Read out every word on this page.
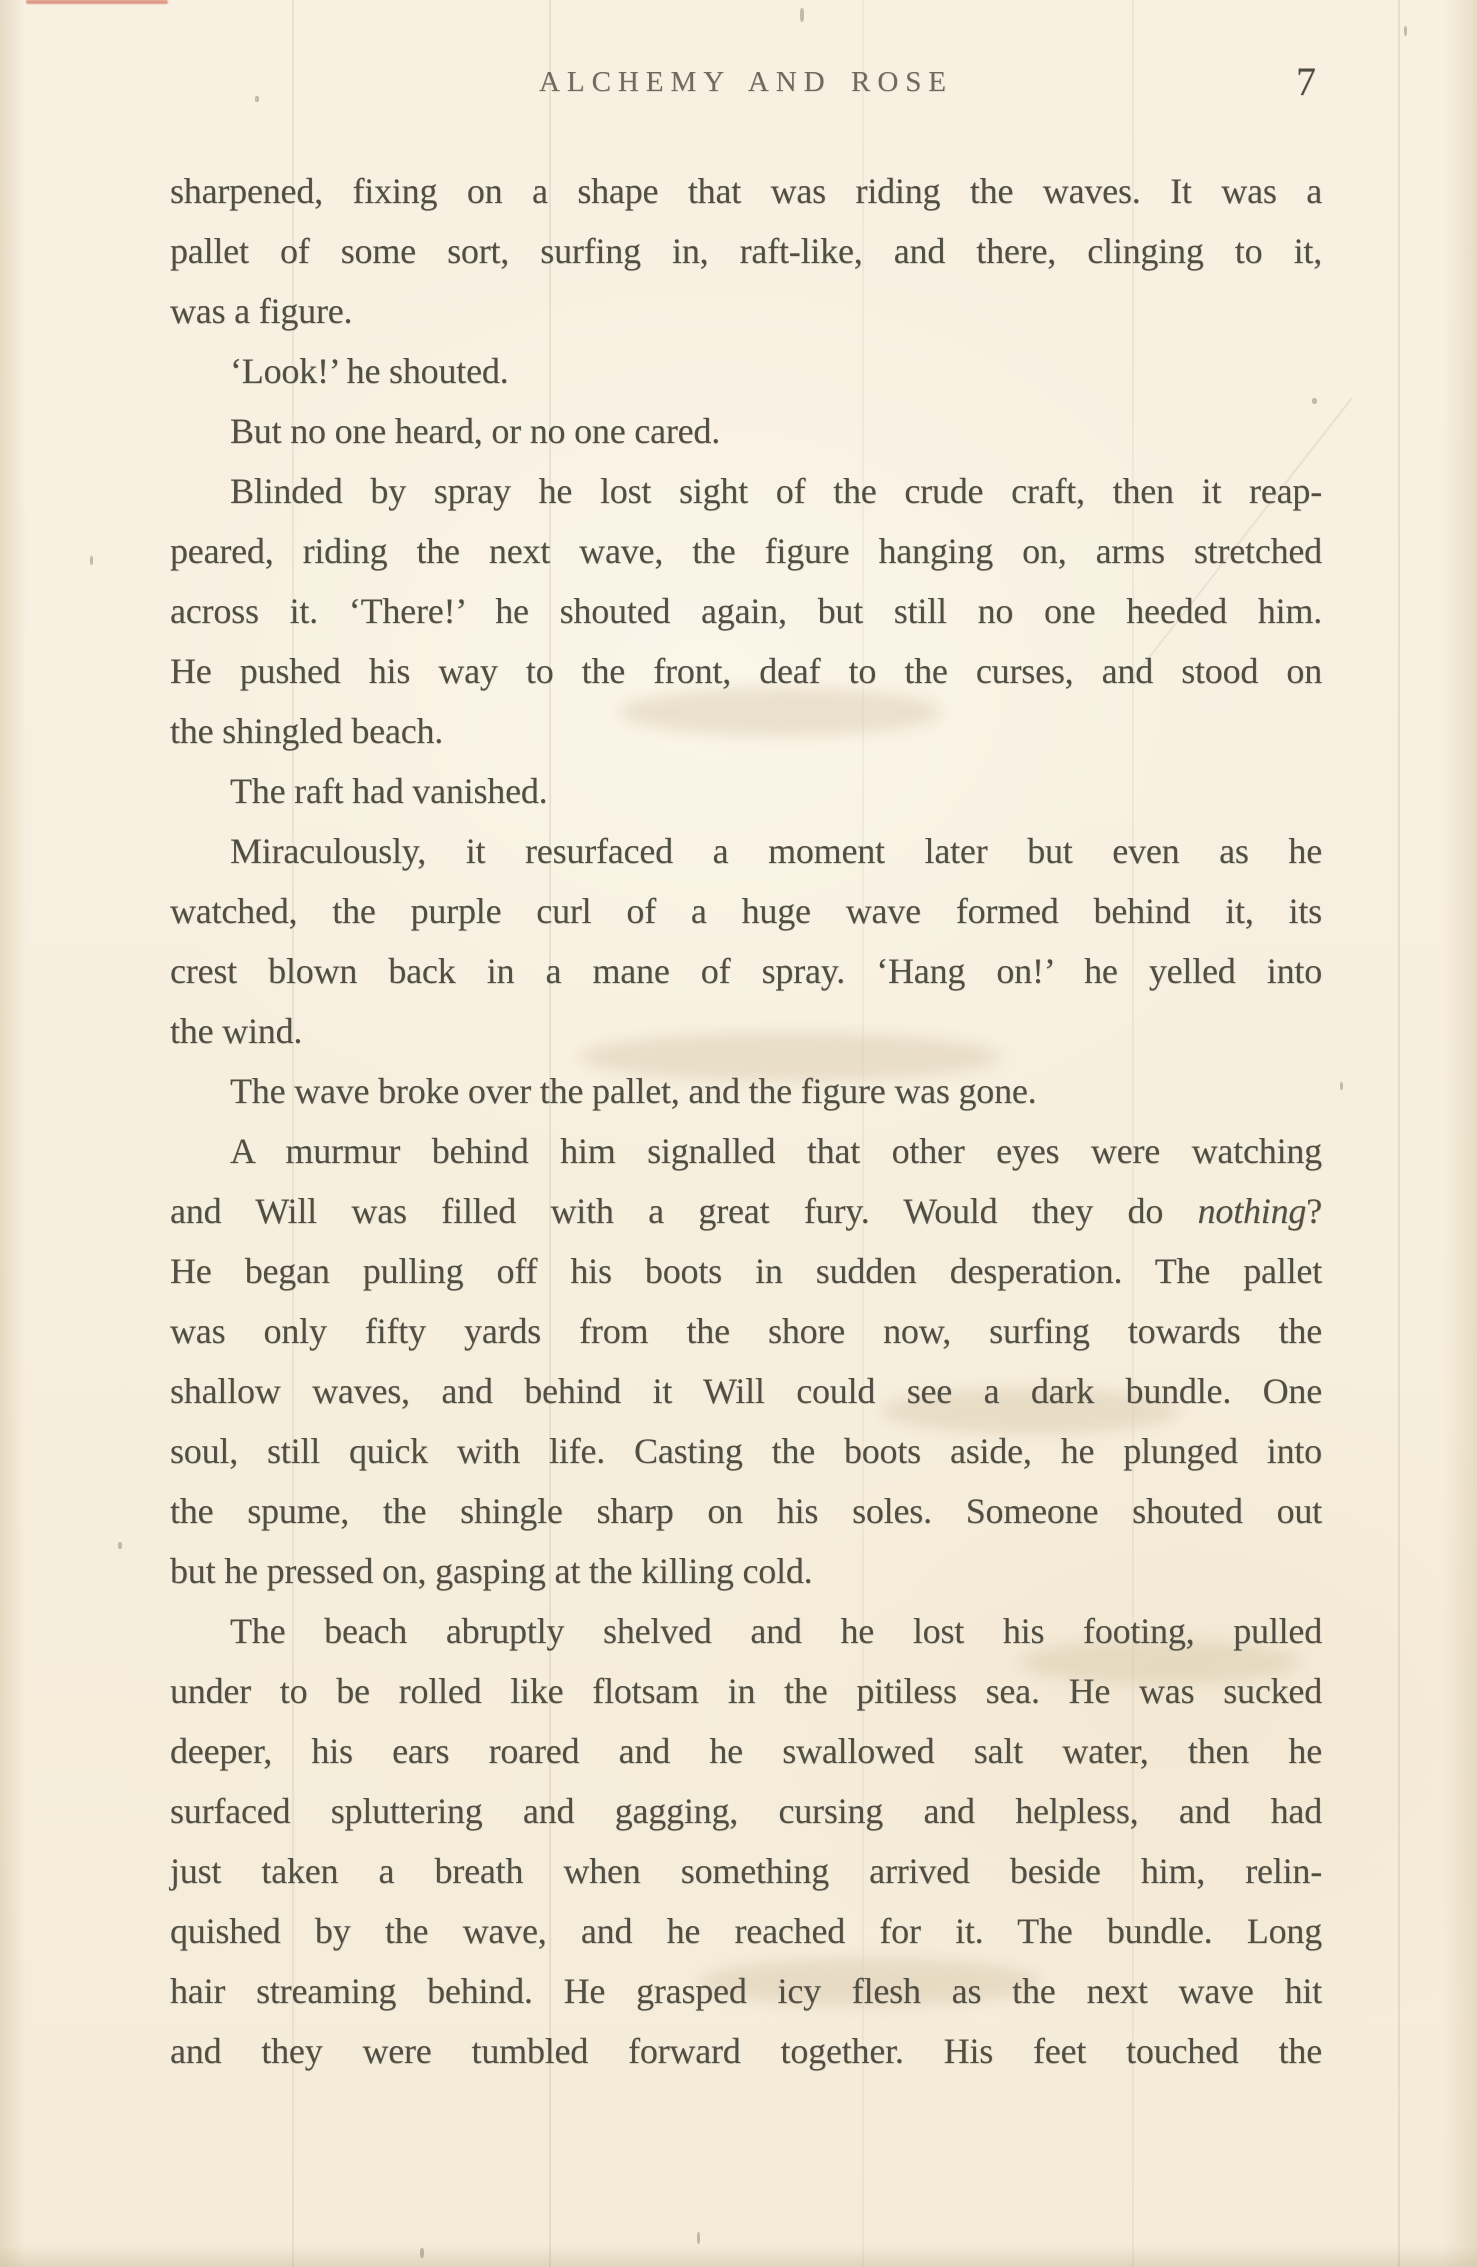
ALCHEMY AND ROSE	7
sharpened, fixing on a shape that was riding the waves. It was a
pallet of some sort, surfing in, raft-like, and there, clinging to it,
was a figure.
‘Look!’ he shouted.
But no one heard, or no one cared.
Blinded by spray he lost sight of the crude craft, then it reap-
peared, riding the next wave, the figure hanging on, arms stretched
across it. ‘There!’ he shouted again, but still no one heeded him.
He pushed his way to the front, deaf to the curses, and stood on
the shingled beach.
The raft had vanished.
Miraculously, it resurfaced a moment later but even as he
watched, the purple curl of a huge wave formed behind it, its
crest blown back in a mane of spray. ‘Hang on!’ he yelled into
the wind.
The wave broke over the pallet, and the figure was gone.
A murmur behind him signalled that other eyes were watching
and Will was filled with a great fury. Would they do nothing?
He began pulling off his boots in sudden desperation. The pallet
was only fifty yards from the shore now, surfing towards the
shallow waves, and behind it Will could see a dark bundle. One
soul, still quick with life. Casting the boots aside, he plunged into
the spume, the shingle sharp on his soles. Someone shouted out
but he pressed on, gasping at the killing cold.
The beach abruptly shelved and he lost his footing, pulled
under to be rolled like flotsam in the pitiless sea. He was sucked
deeper, his ears roared and he swallowed salt water, then he
surfaced spluttering and gagging, cursing and helpless, and had
just taken a breath when something arrived beside him, relin-
quished by the wave, and he reached for it. The bundle. Long
hair streaming behind. He grasped icy flesh as the next wave hit
and they were tumbled forward together. His feet touched the
